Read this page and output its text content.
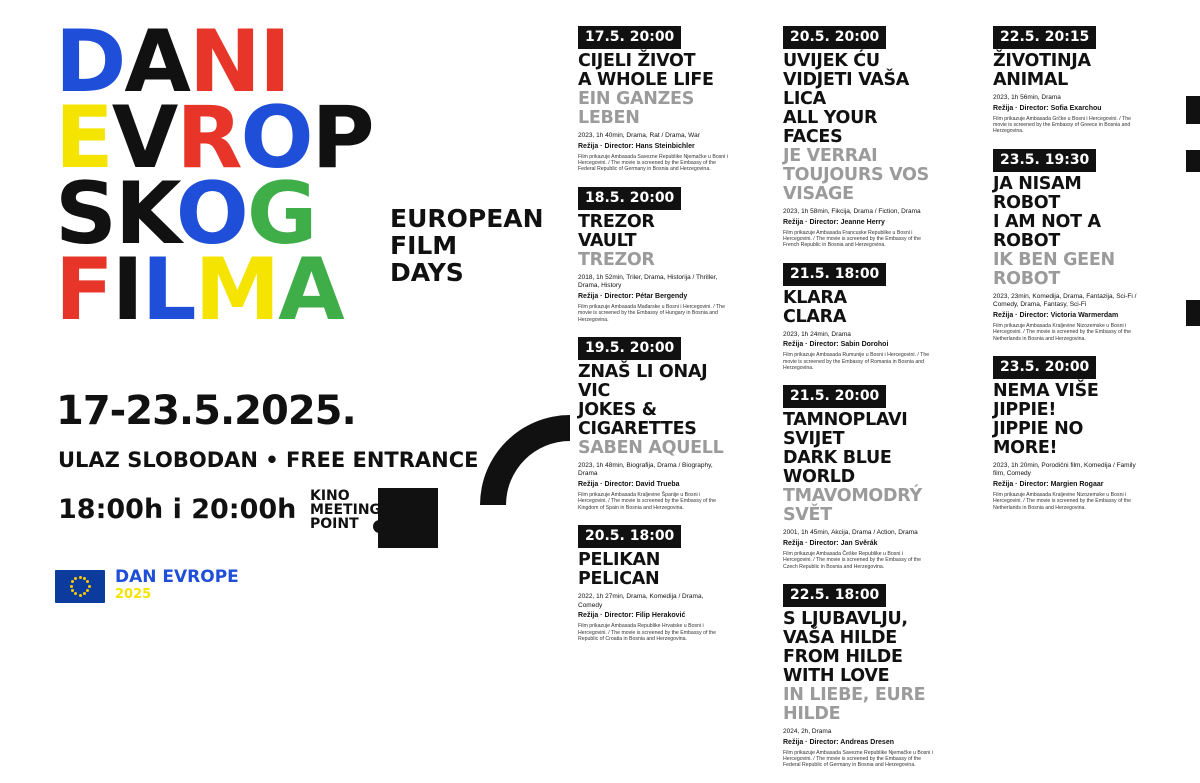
DANI
EVROP
SKOG
FILMA
EUROPEAN
FILM
DAYS
17-23.5.2025.
ULAZ SLOBODAN • FREE ENTRANCE
18:00h i 20:00h KINO
MEETING
POINT
DAN EVROPE
2025
17.5. 20:00
CIJELI ŽIVOT
A WHOLE LIFE
EIN GANZES LEBEN
2023, 1h 40min, Drama, Rat / Drama, War
Režija · Director: Hans Steinbichler
Film prikazuje Ambasada Savezne Republike Njemačke u Bosni i Hercegovini. / The movie is screened by the Embassy of the Federal Republic of Germany in Bosnia and Herzegovina.
18.5. 20:00
TREZOR
VAULT
TREZOR
2018, 1h 52min, Triler, Drama, Historija / Thriller, Drama, History
Režija · Director: Pétar Bergendy
Film prikazuje Ambasada Mađarske u Bosni i Hercegovini. / The movie is screened by the Embassy of Hungary in Bosnia and Herzegovina.
19.5. 20:00
ZNAŠ LI ONAJ VIC
JOKES & CIGARETTES
SABEN AQUELL
2023, 1h 48min, Biografija, Drama / Biography, Drama
Režija · Director: David Trueba
Film prikazuje Ambasada Kraljevine Španije u Bosni i Hercegovini. / The movie is screened by the Embassy of the Kingdom of Spain in Bosnia and Herzegovina.
20.5. 18:00
PELIKAN
PELICAN
2022, 1h 27min, Drama, Komedija / Drama, Comedy
Režija · Director: Filip Heraković
Film prikazuje Ambasada Republike Hrvatske u Bosni i Hercegovini. / The movie is screened by the Embassy of the Republic of Croatia in Bosnia and Herzegovina.
20.5. 20:00
UVIJEK ĆU VIDJETI VAŠA LICA
ALL YOUR FACES
JE VERRAI TOUJOURS VOS VISAGE
2023, 1h 58min, Fikcija, Drama / Fiction, Drama
Režija · Director: Jeanne Herry
Film prikazuje Ambasada Francuske Republike u Bosni i Hercegovini. / The movie is screened by the Embassy of the French Republic in Bosnia and Herzegovina.
21.5. 18:00
KLARA
CLARA
2023, 1h 24min, Drama
Režija · Director: Sabin Dorohoi
Film prikazuje Ambasada Rumunije u Bosni i Hercegovini. / The movie is screened by the Embassy of Romania in Bosnia and Herzegovina.
21.5. 20:00
TAMNOPLAVI SVIJET
DARK BLUE WORLD
TMAVOMODRÝ SVĚT
2001, 1h 45min, Akcija, Drama / Action, Drama
Režija · Director: Jan Svěrák
Film prikazuje Ambasada Češke Republike u Bosni i Hercegovini. / The movie is screened by the Embassy of the Czech Republic in Bosnia and Herzegovina.
22.5. 18:00
S LJUBAVLJU, VAŠA HILDE
FROM HILDE WITH LOVE
IN LIEBE, EURE HILDE
2024, 2h, Drama
Režija · Director: Andreas Dresen
Film prikazuje Ambasada Savezne Republike Njemačke u Bosni i Hercegovini. / The movie is screened by the Embassy of the Federal Republic of Germany in Bosnia and Herzegovina.
22.5. 20:15
ŽIVOTINJA
ANIMAL
2023, 1h 56min, Drama
Režija · Director: Sofia Exarchou
Film prikazuje Ambasada Grčke u Bosni i Hercegovini. / The movie is screened by the Embassy of Greece in Bosnia and Herzegovina.
23.5. 19:30
JA NISAM ROBOT
I AM NOT A ROBOT
IK BEN GEEN ROBOT
2023, 23min, Komedija, Drama, Fantazija, Sci-Fi / Comedy, Drama, Fantasy, Sci-Fi
Režija · Director: Victoria Warmerdam
Film prikazuje Ambasada Kraljevine Nizozemske u Bosni i Hercegovini. / The movie is screened by the Embassy of the Netherlands in Bosnia and Herzegovina.
23.5. 20:00
NEMA VIŠE JIPPIE!
JIPPIE NO MORE!
2023, 1h 20min, Porodični film, Komedija / Family film, Comedy
Režija · Director: Margien Rogaar
Film prikazuje Ambasada Kraljevine Nizozemske u Bosni i Hercegovini. / The movie is screened by the Embassy of the Netherlands in Bosnia and Herzegovina.
